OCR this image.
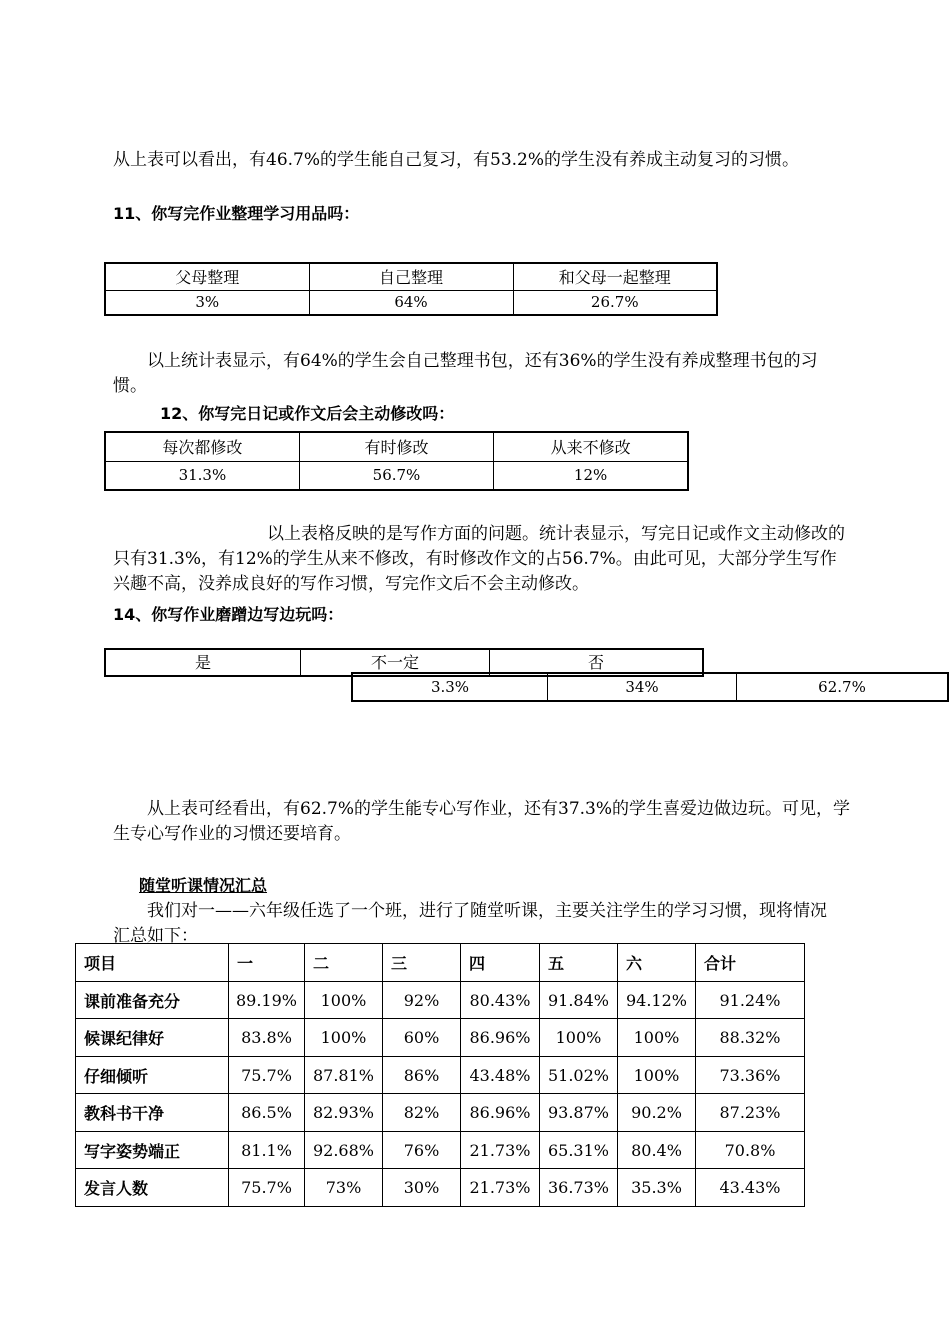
从上表可以看出，有46.7%的学生能自己复习，有53.2%的学生没有养成主动复习的习惯。
11、你写完作业整理学习用品吗：
父母整理	自己整理	和父母一起整理
3%	64%	26.7%
以上统计表显示，有64%的学生会自己整理书包，还有36%的学生没有养成整理书包的习惯。
12、你写完日记或作文后会主动修改吗：
每次都修改	有时修改	从来不修改
31.3%	56.7%	12%
以上表格反映的是写作方面的问题。统计表显示，写完日记或作文主动修改的只有31.3%，有12%的学生从来不修改，有时修改作文的占56.7%。由此可见，大部分学生写作兴趣不高，没养成良好的写作习惯，写完作文后不会主动修改。
14、你写作业磨蹭边写边玩吗：
是	不一定	否
3.3%	34%	62.7%
从上表可经看出，有62.7%的学生能专心写作业，还有37.3%的学生喜爱边做边玩。可见，学生专心写作业的习惯还要培育。
随堂听课情况汇总
我们对一——六年级任选了一个班，进行了随堂听课，主要关注学生的学习习惯，现将情况汇总如下：
项目	一	二	三	四	五	六	合计
课前准备充分	89.19%	100%	92%	80.43%	91.84%	94.12%	91.24%
候课纪律好	83.8%	100%	60%	86.96%	100%	100%	88.32%
仔细倾听	75.7%	87.81%	86%	43.48%	51.02%	100%	73.36%
教科书干净	86.5%	82.93%	82%	86.96%	93.87%	90.2%	87.23%
写字姿势端正	81.1%	92.68%	76%	21.73%	65.31%	80.4%	70.8%
发言人数	75.7%	73%	30%	21.73%	36.73%	35.3%	43.43%
